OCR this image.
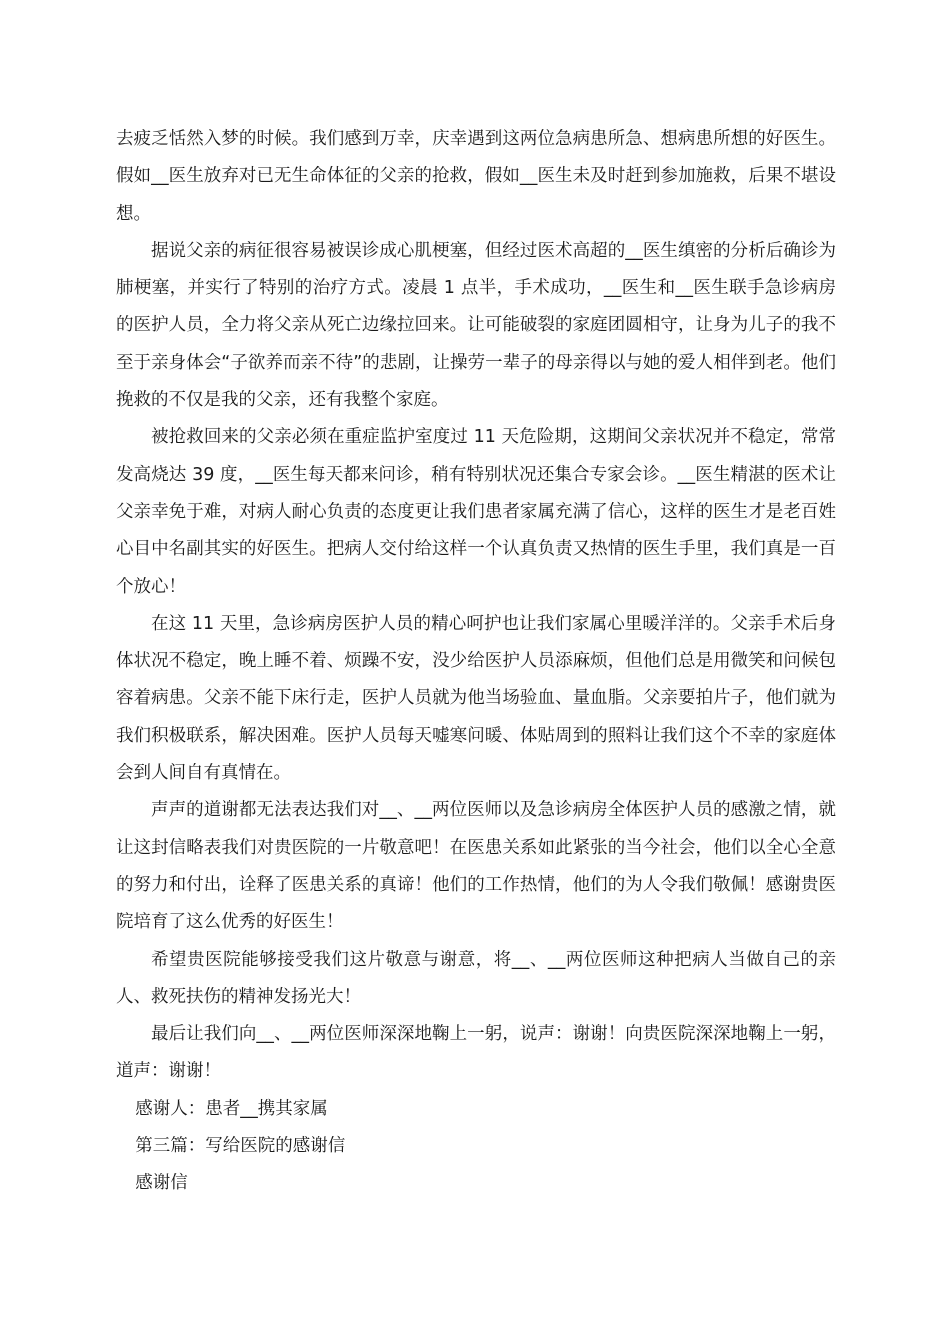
去疲乏恬然入梦的时候。我们感到万幸，庆幸遇到这两位急病患所急、想病患所想的好医生。假如__医生放弃对已无生命体征的父亲的抢救，假如__医生未及时赶到参加施救，后果不堪设想。

据说父亲的病征很容易被误诊成心肌梗塞，但经过医术高超的__医生缜密的分析后确诊为肺梗塞，并实行了特别的治疗方式。凌晨 1 点半，手术成功，__医生和__医生联手急诊病房的医护人员，全力将父亲从死亡边缘拉回来。让可能破裂的家庭团圆相守，让身为儿子的我不至于亲身体会“子欲养而亲不待”的悲剧，让操劳一辈子的母亲得以与她的爱人相伴到老。他们挽救的不仅是我的父亲，还有我整个家庭。

被抢救回来的父亲必须在重症监护室度过 11 天危险期，这期间父亲状况并不稳定，常常发高烧达 39 度，__医生每天都来问诊，稍有特别状况还集合专家会诊。__医生精湛的医术让父亲幸免于难，对病人耐心负责的态度更让我们患者家属充满了信心，这样的医生才是老百姓心目中名副其实的好医生。把病人交付给这样一个认真负责又热情的医生手里，我们真是一百个放心！

在这 11 天里，急诊病房医护人员的精心呵护也让我们家属心里暖洋洋的。父亲手术后身体状况不稳定，晚上睡不着、烦躁不安，没少给医护人员添麻烦，但他们总是用微笑和问候包容着病患。父亲不能下床行走，医护人员就为他当场验血、量血脂。父亲要拍片子，他们就为我们积极联系，解决困难。医护人员每天嘘寒问暖、体贴周到的照料让我们这个不幸的家庭体会到人间自有真情在。

声声的道谢都无法表达我们对__、__两位医师以及急诊病房全体医护人员的感激之情，就让这封信略表我们对贵医院的一片敬意吧！在医患关系如此紧张的当今社会，他们以全心全意的努力和付出，诠释了医患关系的真谛！他们的工作热情，他们的为人令我们敬佩！感谢贵医院培育了这么优秀的好医生！

希望贵医院能够接受我们这片敬意与谢意，将__、__两位医师这种把病人当做自己的亲人、救死扶伤的精神发扬光大！

最后让我们向__、__两位医师深深地鞠上一躬，说声：谢谢！向贵医院深深地鞠上一躬，道声：谢谢！

感谢人：患者__携其家属

第三篇：写给医院的感谢信

感谢信
